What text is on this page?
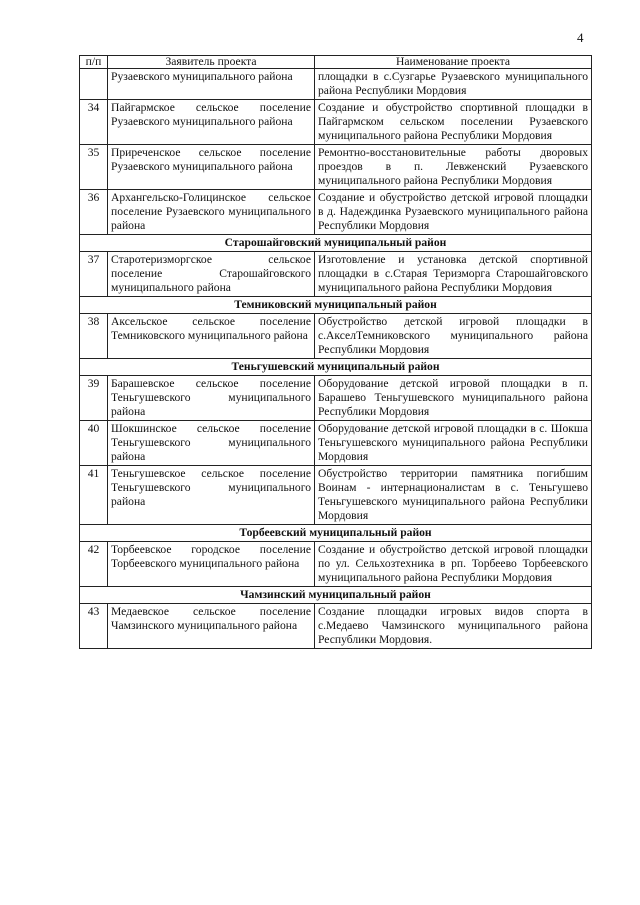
4
п/п	Заявитель проекта	Наименование проекта
	Рузаевского муниципального района	площадки в с.Сузгарье Рузаевского муниципального района Республики Мордовия
34	Пайгармское сельское поселение Рузаевского муниципального района	Создание и обустройство спортивной площадки в Пайгармском сельском поселении Рузаевского муниципального района Республики Мордовия
35	Приреченское сельское поселение Рузаевского муниципального района	Ремонтно-восстановительные работы дворовых проездов в п. Левженский Рузаевского муниципального района Республики Мордовия
36	Архангельско-Голицинское сельское поселение Рузаевского муниципального района	Создание и обустройство детской игровой площадки в д. Надеждинка Рузаевского муниципального района Республики Мордовия
Старошайговский муниципальный район		
37	Старотеризморгское сельское поселение Старошайговского муниципального района	Изготовление и установка детской спортивной площадки в с.Старая Теризморга Старошайговского муниципального района Республики Мордовия
Темниковский муниципальный район		
38	Аксельское сельское поселение Темниковского муниципального района	Обустройство детской игровой площадки в с.АкселТемниковского муниципального района Республики Мордовия
Теньгушевский муниципальный район		
39	Барашевское сельское поселение Теньгушевского муниципального района	Оборудование детской игровой площадки в п. Барашево Теньгушевского муниципального района Республики Мордовия
40	Шокшинское сельское поселение Теньгушевского муниципального района	Оборудование детской игровой площадки в с. Шокша Теньгушевского муниципального района Республики Мордовия
41	Теньгушевское сельское поселение Теньгушевского муниципального района	Обустройство территории памятника погибшим Воинам - интернационалистам в с. Теньгушево Теньгушевского муниципального района Республики Мордовия
Торбеевский муниципальный район		
42	Торбеевское городское поселение Торбеевского муниципального района	Создание и обустройство детской игровой площадки по ул. Сельхозтехника в рп. Торбеево Торбеевского муниципального района Республики Мордовия
Чамзинский муниципальный район		
43	Медаевское сельское поселение Чамзинского муниципального района	Создание площадки игровых видов спорта в с.Медаево Чамзинского муниципального района Республики Мордовия.
